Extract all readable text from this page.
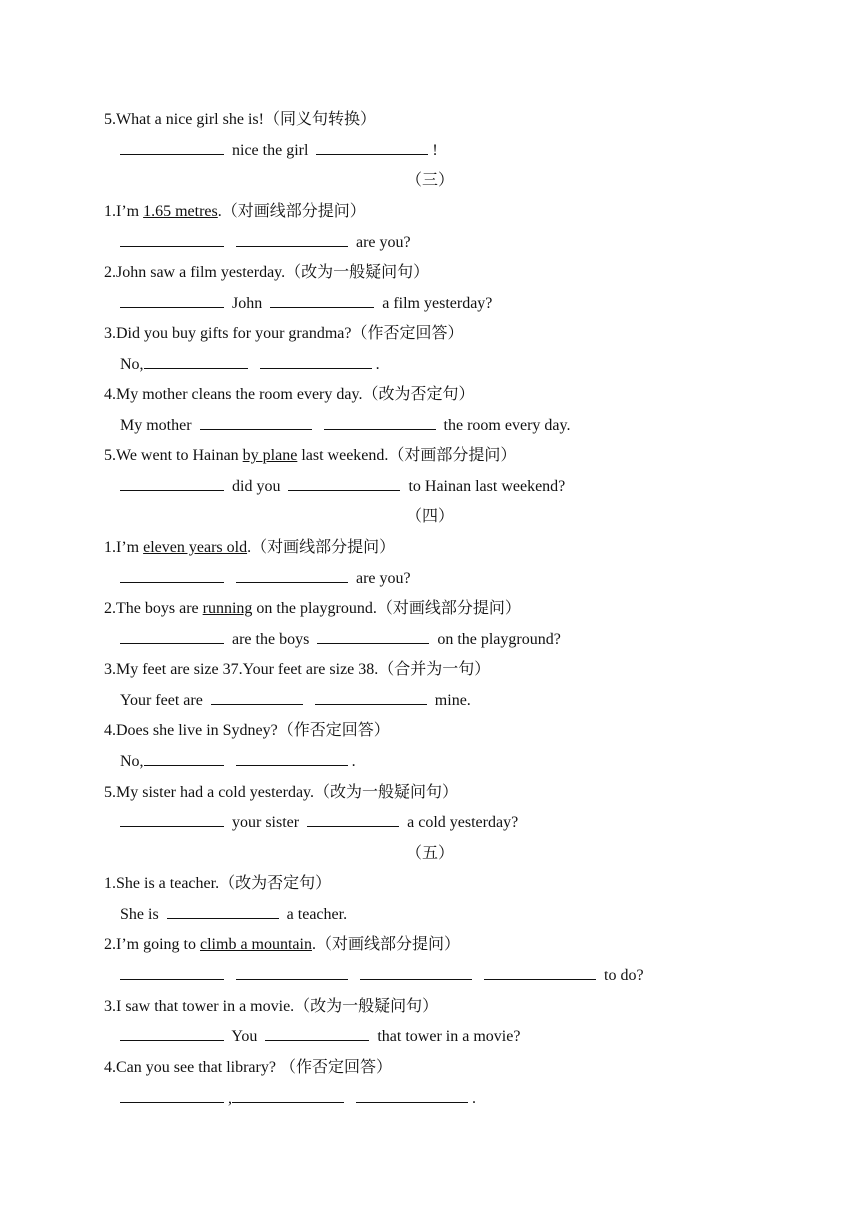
5.What a nice girl she is!（同义句转换）
nice the girl	!
（三）
1.I’m 1.65 metres.（对画线部分提问）
are you?
2.John saw a film yesterday.（改为一般疑问句）
John	a film yesterday?
3.Did you buy gifts for your grandma?（作否定回答）
No,	.
4.My mother cleans the room every day.（改为否定句）
My mother	the room every day.
5.We went to Hainan by plane last weekend.（对画部分提问）
did you	to Hainan last weekend?
（四）
1.I’m eleven years old.（对画线部分提问）
are you?
2.The boys are running on the playground.（对画线部分提问）
are the boys	on the playground?
3.My feet are size 37.Your feet are size 38.（合并为一句）
Your feet are	mine.
4.Does she live in Sydney?（作否定回答）
No,	.
5.My sister had a cold yesterday.（改为一般疑问句）
your sister	a cold yesterday?
（五）
1.She is a teacher.（改为否定句）
She is	a teacher.
2.I’m going to climb a mountain.（对画线部分提问）
to do?
3.I saw that tower in a movie.（改为一般疑问句）
You	that tower in a movie?
4.Can you see that library? （作否定回答）
,	.
